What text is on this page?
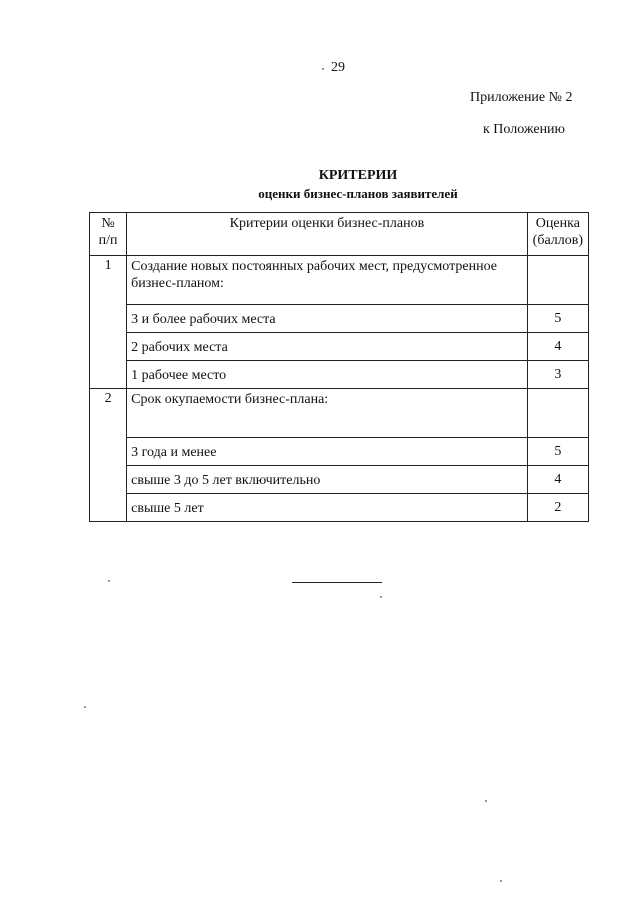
29
Приложение № 2
к Положению
КРИТЕРИИ
оценки бизнес-планов заявителей
№ п/п	Критерии оценки бизнес-планов	Оценка (баллов)
1	Создание новых постоянных рабочих мест, предусмотренное бизнес-планом:	
	3 и более рабочих места	5
	2 рабочих места	4
	1 рабочее место	3
2	Срок окупаемости бизнес-плана:	
	3 года и менее	5
	свыше 3 до 5 лет включительно	4
	свыше 5 лет	2
